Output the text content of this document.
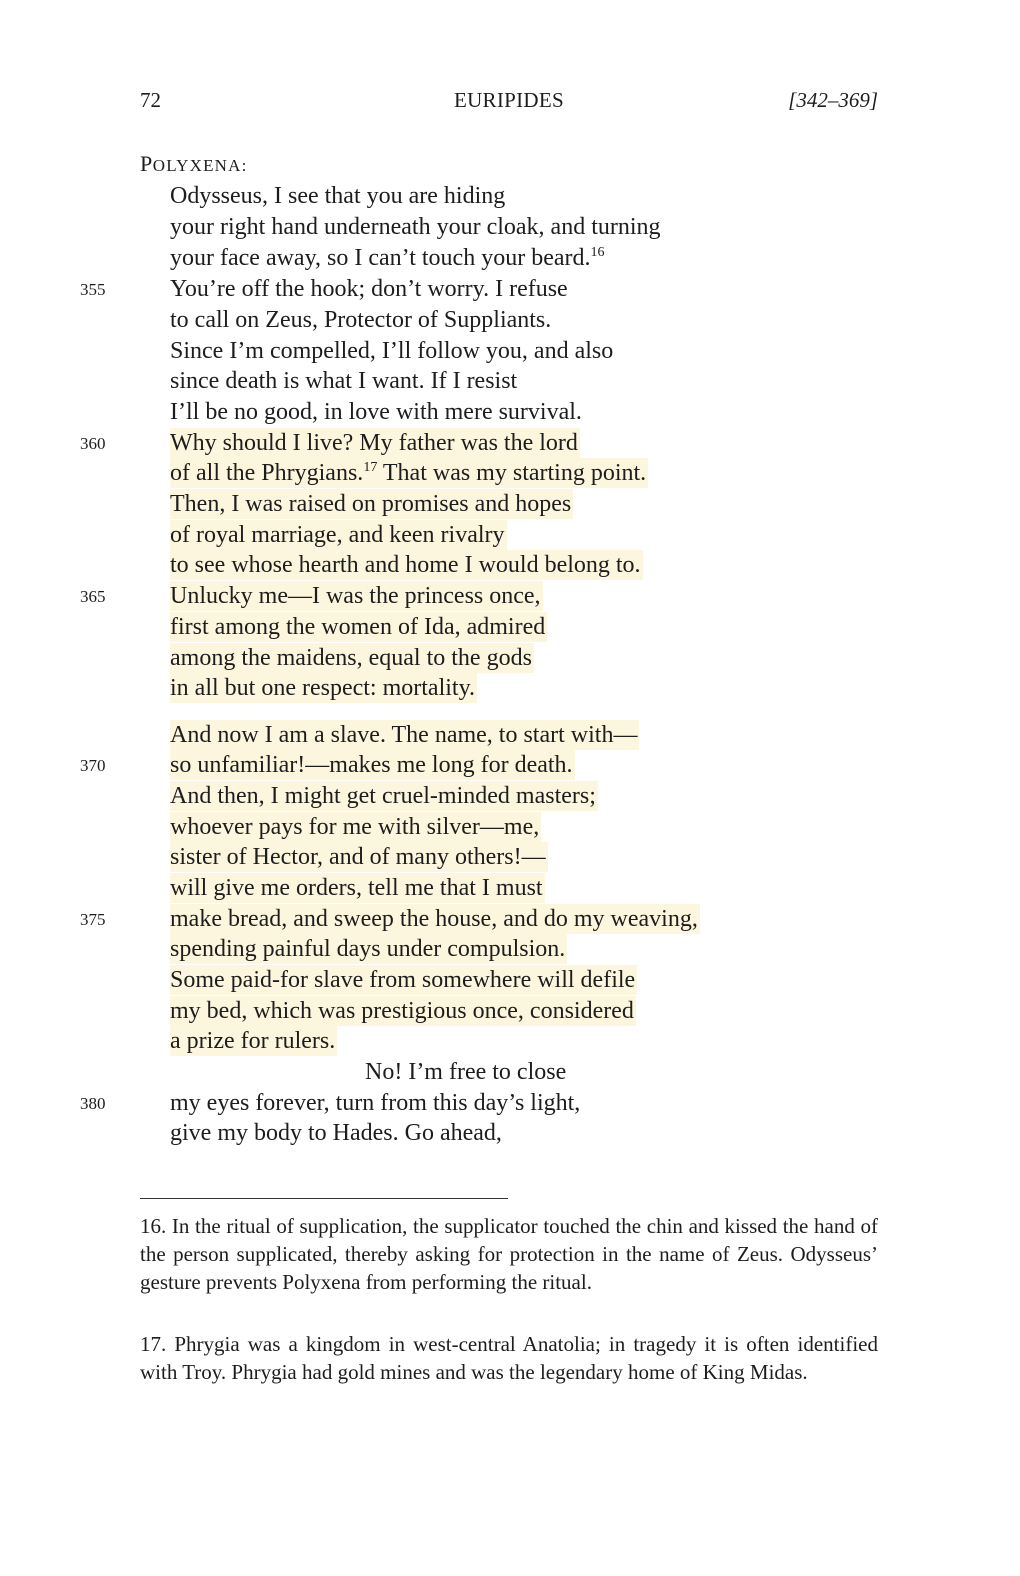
72	EURIPIDES	[342–369]
POLYXENA:
Odysseus, I see that you are hiding
your right hand underneath your cloak, and turning
your face away, so I can’t touch your beard.$^{16}$
You’re off the hook; don’t worry. I refuse
355
to call on Zeus, Protector of Suppliants.
Since I’m compelled, I’ll follow you, and also
since death is what I want. If I resist
I’ll be no good, in love with mere survival.
Why should I live? My father was the lord
360
of all the Phrygians.$^{17}$ That was my starting point.
Then, I was raised on promises and hopes
of royal marriage, and keen rivalry
to see whose hearth and home I would belong to.
Unlucky me—I was the princess once,
365
first among the women of Ida, admired
among the maidens, equal to the gods
in all but one respect: mortality.
And now I am a slave. The name, to start with—
so unfamiliar!—makes me long for death.
370
And then, I might get cruel-minded masters;
whoever pays for me with silver—me,
sister of Hector, and of many others!—
will give me orders, tell me that I must
make bread, and sweep the house, and do my weaving,
375
spending painful days under compulsion.
Some paid-for slave from somewhere will defile
my bed, which was prestigious once, considered
a prize for rulers.
No! I’m free to close
my eyes forever, turn from this day’s light,
380
give my body to Hades. Go ahead,
16. In the ritual of supplication, the supplicator touched the chin and kissed the hand of the person supplicated, thereby asking for protection in the name of Zeus. Odysseus’ gesture prevents Polyxena from performing the ritual.
17. Phrygia was a kingdom in west-central Anatolia; in tragedy it is often identified with Troy. Phrygia had gold mines and was the legendary home of King Midas.
